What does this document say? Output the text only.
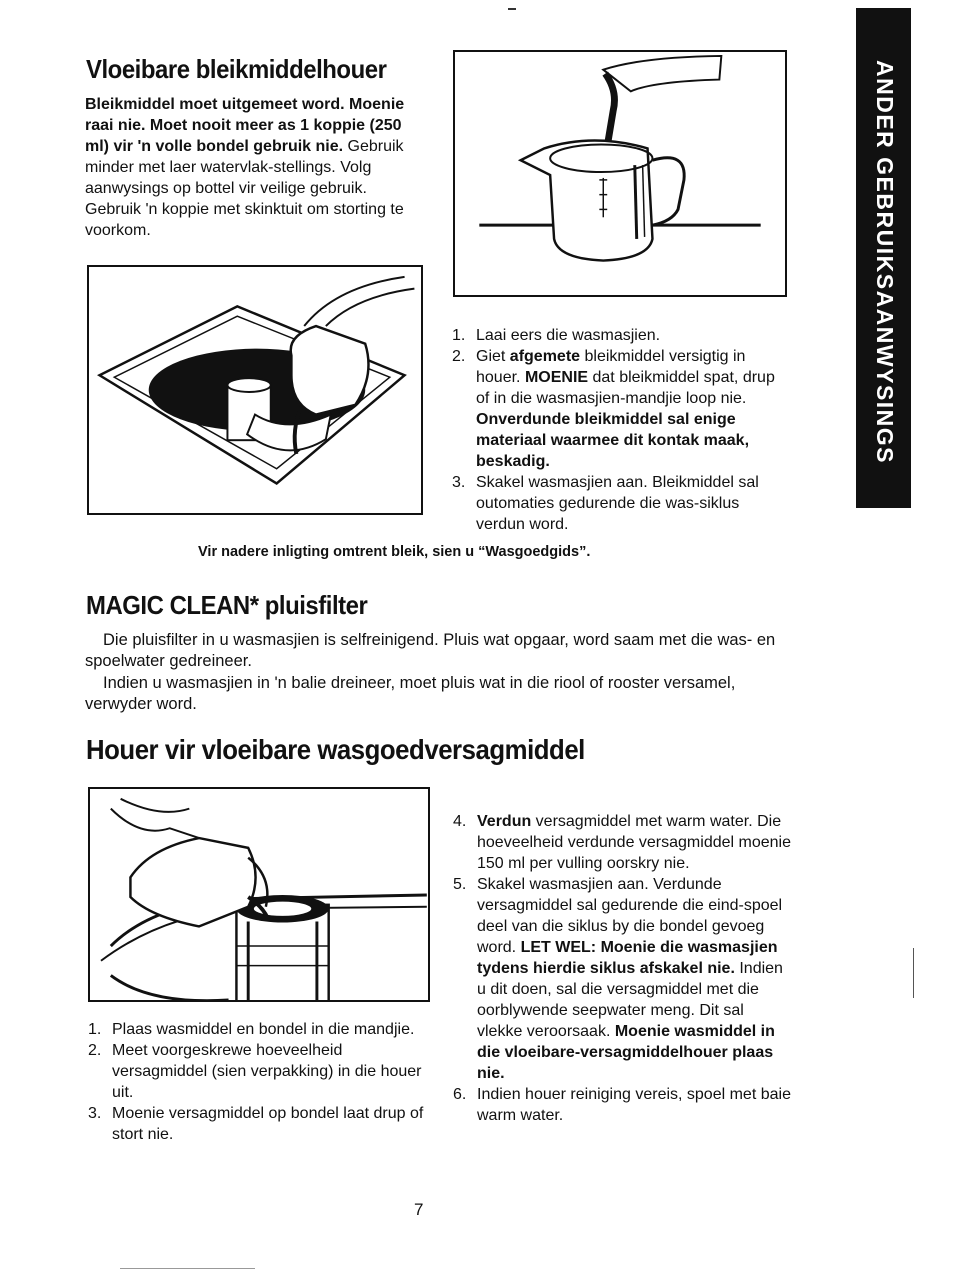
ANDER GEBRUIKSAANWYSINGS
Vloeibare bleikmiddelhouer
Bleikmiddel moet uitgemeet word. Moenie raai nie. Moet nooit meer as 1 koppie (250 ml) vir 'n volle bondel gebruik nie. Gebruik minder met laer watervlak-stellings. Volg aanwysings op bottel vir veilige gebruik. Gebruik 'n koppie met skinktuit om storting te voorkom.
1. Laai eers die wasmasjien.
2. Giet afgemete bleikmiddel versigtig in houer. MOENIE dat bleikmiddel spat, drup of in die wasmasjien-mandjie loop nie. Onverdunde bleikmiddel sal enige materiaal waarmee dit kontak maak, beskadig.
3. Skakel wasmasjien aan. Bleikmiddel sal outomaties gedurende die was-siklus verdun word.
Vir nadere inligting omtrent bleik, sien u “Wasgoedgids”.
MAGIC CLEAN* pluisfilter

Die pluisfilter in u wasmasjien is selfreinigend. Pluis wat opgaar, word saam met die was- en spoelwater gedreineer.

Indien u wasmasjien in 'n balie dreineer, moet pluis wat in die riool of rooster versamel, verwyder word.

Houer vir vloeibare wasgoedversagmiddel
1. Plaas wasmiddel en bondel in die mandjie.
2. Meet voorgeskrewe hoeveelheid versagmiddel (sien verpakking) in die houer uit.
3. Moenie versagmiddel op bondel laat drup of stort nie.
4. Verdun versagmiddel met warm water. Die hoeveelheid verdunde versagmiddel moenie 150 ml per vulling oorskry nie.
5. Skakel wasmasjien aan. Verdunde versagmiddel sal gedurende die eind-spoel deel van die siklus by die bondel gevoeg word. LET WEL: Moenie die wasmasjien tydens hierdie siklus afskakel nie. Indien u dit doen, sal die versagmiddel met die oorblywende seepwater meng. Dit sal vlekke veroorsaak. Moenie wasmiddel in die vloeibare-versagmiddelhouer plaas nie.
6. Indien houer reiniging vereis, spoel met baie warm water.
7
